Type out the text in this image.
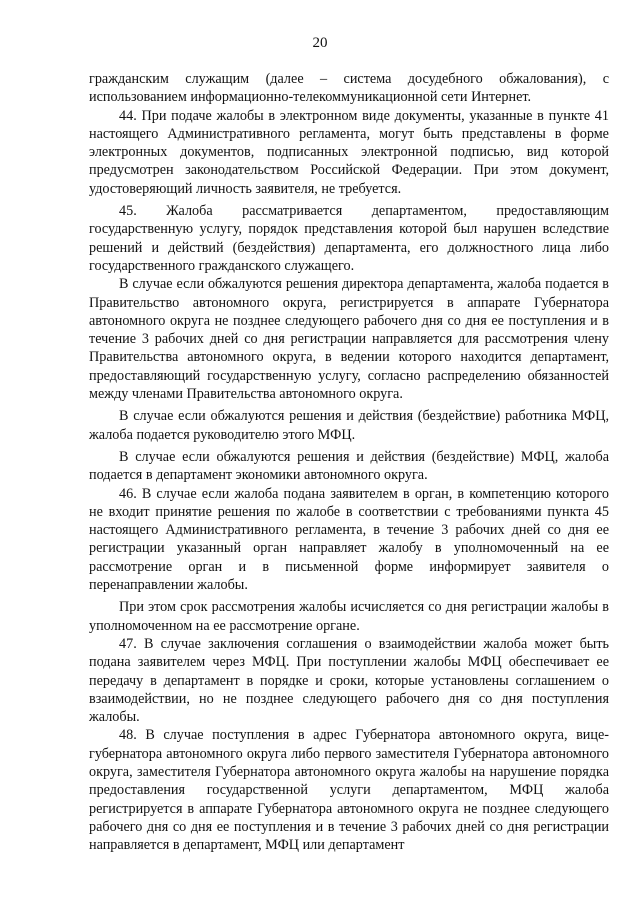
20

гражданским служащим (далее – система досудебного обжалования), с использованием информационно-телекоммуникационной сети Интернет.

44. При подаче жалобы в электронном виде документы, указанные в пункте 41 настоящего Административного регламента, могут быть представлены в форме электронных документов, подписанных электронной подписью, вид которой предусмотрен законодательством Российской Федерации. При этом документ, удостоверяющий личность заявителя, не требуется.

45. Жалоба рассматривается департаментом, предоставляющим государственную услугу, порядок представления которой был нарушен вследствие решений и действий (бездействия) департамента, его должностного лица либо государственного гражданского служащего.

В случае если обжалуются решения директора департамента, жалоба подается в Правительство автономного округа, регистрируется в аппарате Губернатора автономного округа не позднее следующего рабочего дня со дня ее поступления и в течение 3 рабочих дней со дня регистрации направляется для рассмотрения члену Правительства автономного округа, в ведении которого находится департамент, предоставляющий государственную услугу, согласно распределению обязанностей между членами Правительства автономного округа.

В случае если обжалуются решения и действия (бездействие) работника МФЦ, жалоба подается руководителю этого МФЦ.

В случае если обжалуются решения и действия (бездействие) МФЦ, жалоба подается в департамент экономики автономного округа.

46. В случае если жалоба подана заявителем в орган, в компетенцию которого не входит принятие решения по жалобе в соответствии с требованиями пункта 45 настоящего Административного регламента, в течение 3 рабочих дней со дня ее регистрации указанный орган направляет жалобу в уполномоченный на ее рассмотрение орган и в письменной форме информирует заявителя о перенаправлении жалобы.

При этом срок рассмотрения жалобы исчисляется со дня регистрации жалобы в уполномоченном на ее рассмотрение органе.

47. В случае заключения соглашения о взаимодействии жалоба может быть подана заявителем через МФЦ. При поступлении жалобы МФЦ обеспечивает ее передачу в департамент в порядке и сроки, которые установлены соглашением о взаимодействии, но не позднее следующего рабочего дня со дня поступления жалобы.

48. В случае поступления в адрес Губернатора автономного округа, вице-губернатора автономного округа либо первого заместителя Губернатора автономного округа, заместителя Губернатора автономного округа жалобы на нарушение порядка предоставления государственной услуги департаментом, МФЦ жалоба регистрируется в аппарате Губернатора автономного округа не позднее следующего рабочего дня со дня ее поступления и в течение 3 рабочих дней со дня регистрации направляется в департамент, МФЦ или департамент
